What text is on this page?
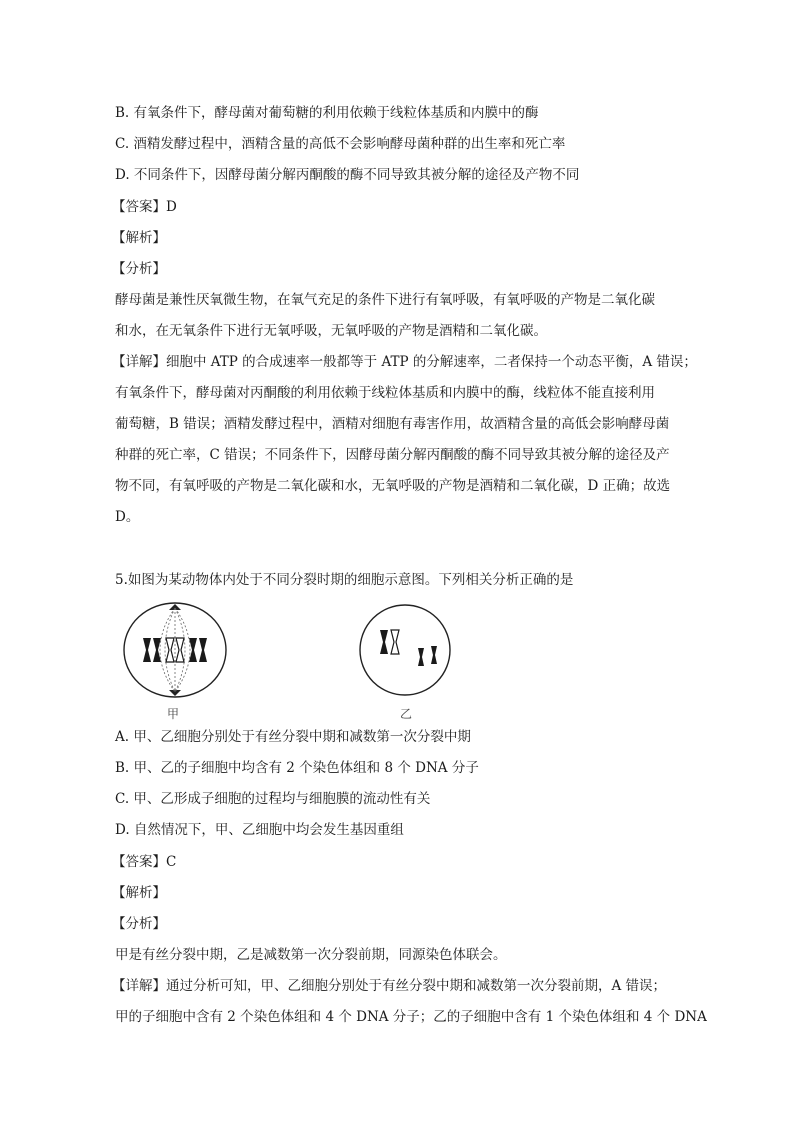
B. 有氧条件下，酵母菌对葡萄糖的利用依赖于线粒体基质和内膜中的酶
C. 酒精发酵过程中，酒精含量的高低不会影响酵母菌种群的出生率和死亡率
D. 不同条件下，因酵母菌分解丙酮酸的酶不同导致其被分解的途径及产物不同
【答案】D
【解析】
【分析】
酵母菌是兼性厌氧微生物，在氧气充足的条件下进行有氧呼吸，有氧呼吸的产物是二氧化碳
和水，在无氧条件下进行无氧呼吸，无氧呼吸的产物是酒精和二氧化碳。
【详解】细胞中 ATP 的合成速率一般都等于 ATP 的分解速率，二者保持一个动态平衡，A 错误；
有氧条件下，酵母菌对丙酮酸的利用依赖于线粒体基质和内膜中的酶，线粒体不能直接利用
葡萄糖，B 错误；酒精发酵过程中，酒精对细胞有毒害作用，故酒精含量的高低会影响酵母菌
种群的死亡率，C 错误；不同条件下，因酵母菌分解丙酮酸的酶不同导致其被分解的途径及产
物不同，有氧呼吸的产物是二氧化碳和水，无氧呼吸的产物是酒精和二氧化碳，D 正确；故选
D。
5.如图为某动物体内处于不同分裂时期的细胞示意图。下列相关分析正确的是
甲	乙
A. 甲、乙细胞分别处于有丝分裂中期和减数第一次分裂中期
B. 甲、乙的子细胞中均含有 2 个染色体组和 8 个 DNA 分子
C. 甲、乙形成子细胞的过程均与细胞膜的流动性有关
D. 自然情况下，甲、乙细胞中均会发生基因重组
【答案】C
【解析】
【分析】
甲是有丝分裂中期，乙是减数第一次分裂前期，同源染色体联会。
【详解】通过分析可知，甲、乙细胞分别处于有丝分裂中期和减数第一次分裂前期，A 错误；
甲的子细胞中含有 2 个染色体组和 4 个 DNA 分子；乙的子细胞中含有 1 个染色体组和 4 个 DNA
